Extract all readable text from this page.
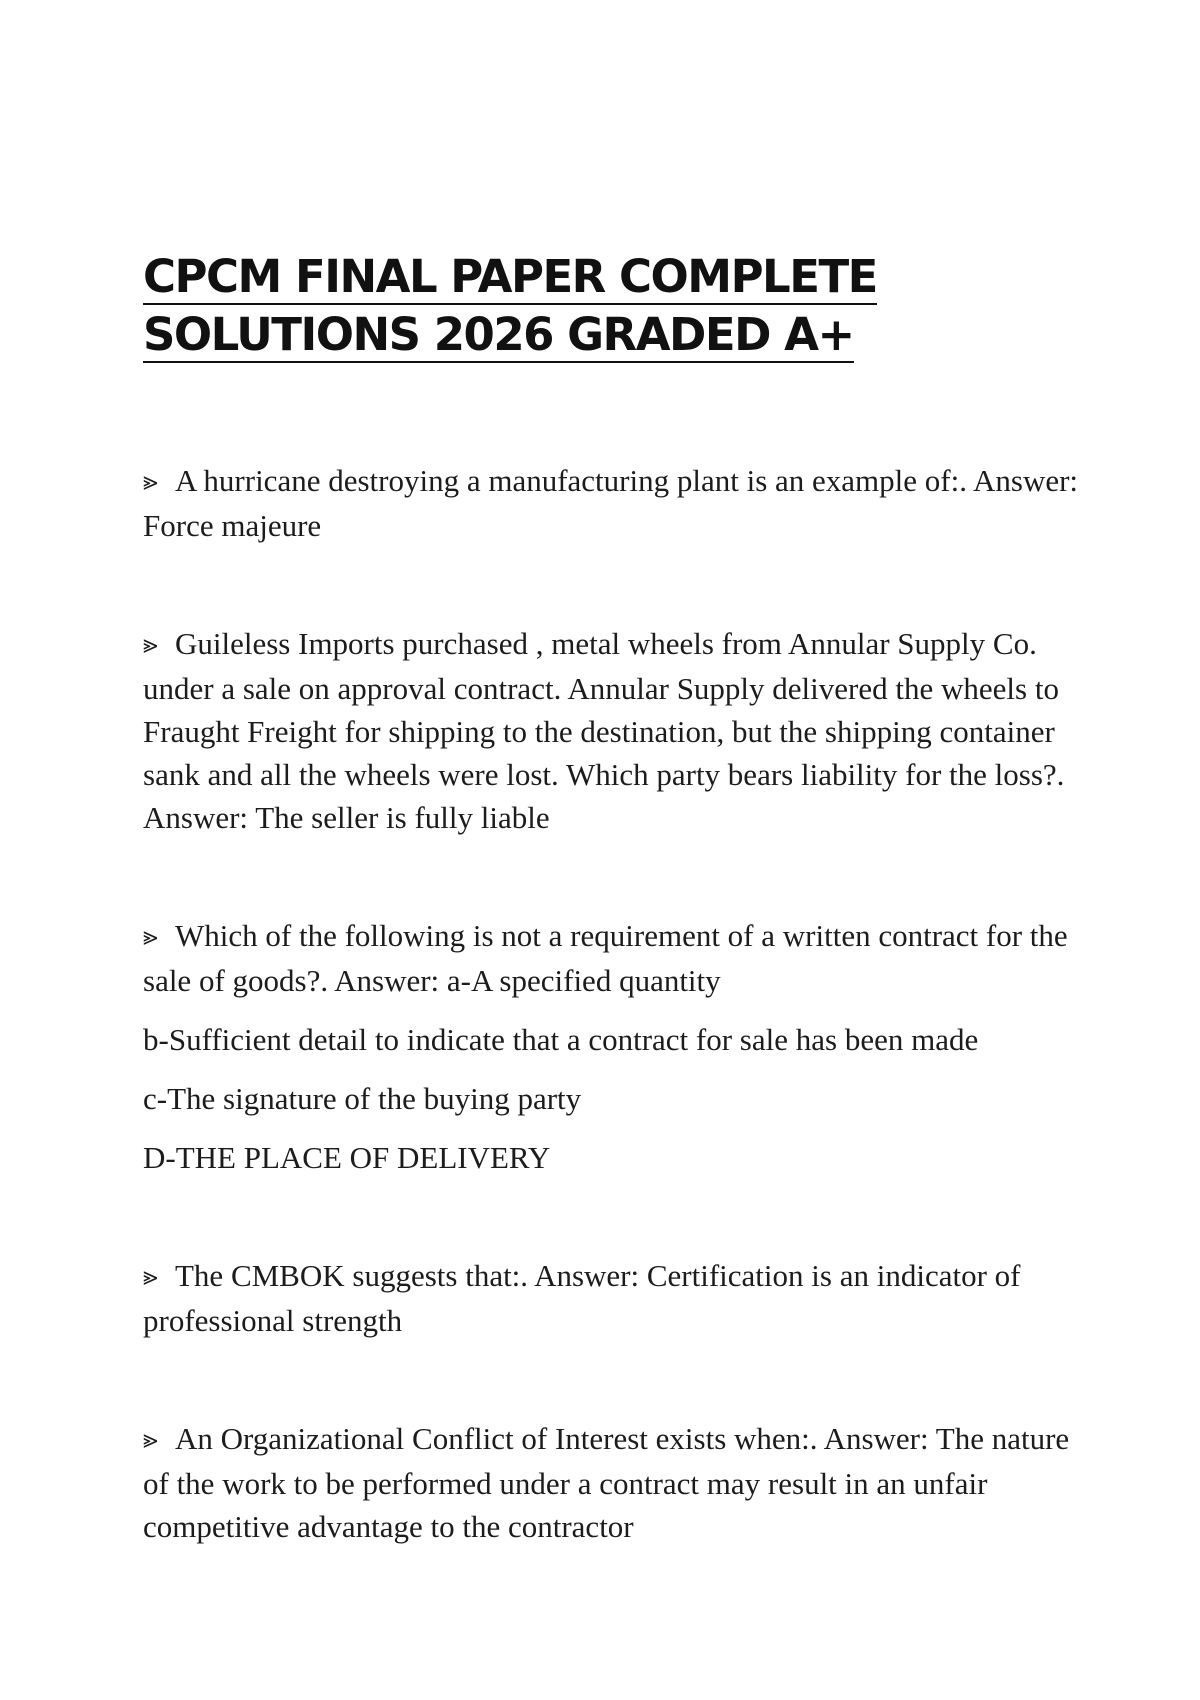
CPCM FINAL PAPER COMPLETE
SOLUTIONS 2026 GRADED A+

⪢ A hurricane destroying a manufacturing plant is an example of:. Answer: Force majeure

⪢ Guileless Imports purchased , metal wheels from Annular Supply Co. under a sale on approval contract. Annular Supply delivered the wheels to Fraught Freight for shipping to the destination, but the shipping container sank and all the wheels were lost. Which party bears liability for the loss?. Answer: The seller is fully liable

⪢ Which of the following is not a requirement of a written contract for the sale of goods?. Answer: a-A specified quantity

b-Sufficient detail to indicate that a contract for sale has been made

c-The signature of the buying party

D-THE PLACE OF DELIVERY

⪢ The CMBOK suggests that:. Answer: Certification is an indicator of professional strength

⪢ An Organizational Conflict of Interest exists when:. Answer: The nature of the work to be performed under a contract may result in an unfair competitive advantage to the contractor
